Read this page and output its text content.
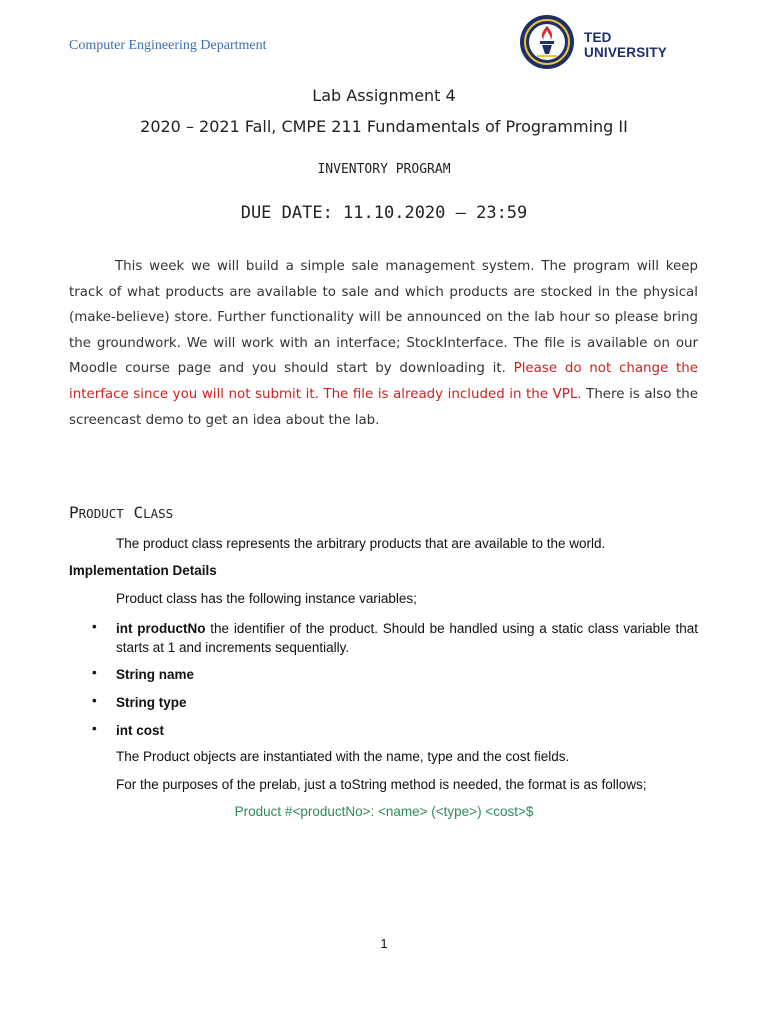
Computer Engineering Department
TED UNIVERSITY
Lab Assignment 4
2020 – 2021 Fall, CMPE 211 Fundamentals of Programming II
INVENTORY PROGRAM
DUE DATE: 11.10.2020 – 23:59
This week we will build a simple sale management system. The program will keep track of what products are available to sale and which products are stocked in the physical (make-believe) store. Further functionality will be announced on the lab hour so please bring the groundwork. We will work with an interface; StockInterface. The file is available on our Moodle course page and you should start by downloading it. Please do not change the interface since you will not submit it. The file is already included in the VPL. There is also the screencast demo to get an idea about the lab.
PRODUCT CLASS
The product class represents the arbitrary products that are available to the world.
Implementation Details
Product class has the following instance variables;
• int productNo the identifier of the product. Should be handled using a static class variable that starts at 1 and increments sequentially.
• String name
• String type
• int cost
The Product objects are instantiated with the name, type and the cost fields.
For the purposes of the prelab, just a toString method is needed, the format is as follows;
Product #<productNo>: <name> (<type>) <cost>$
1
